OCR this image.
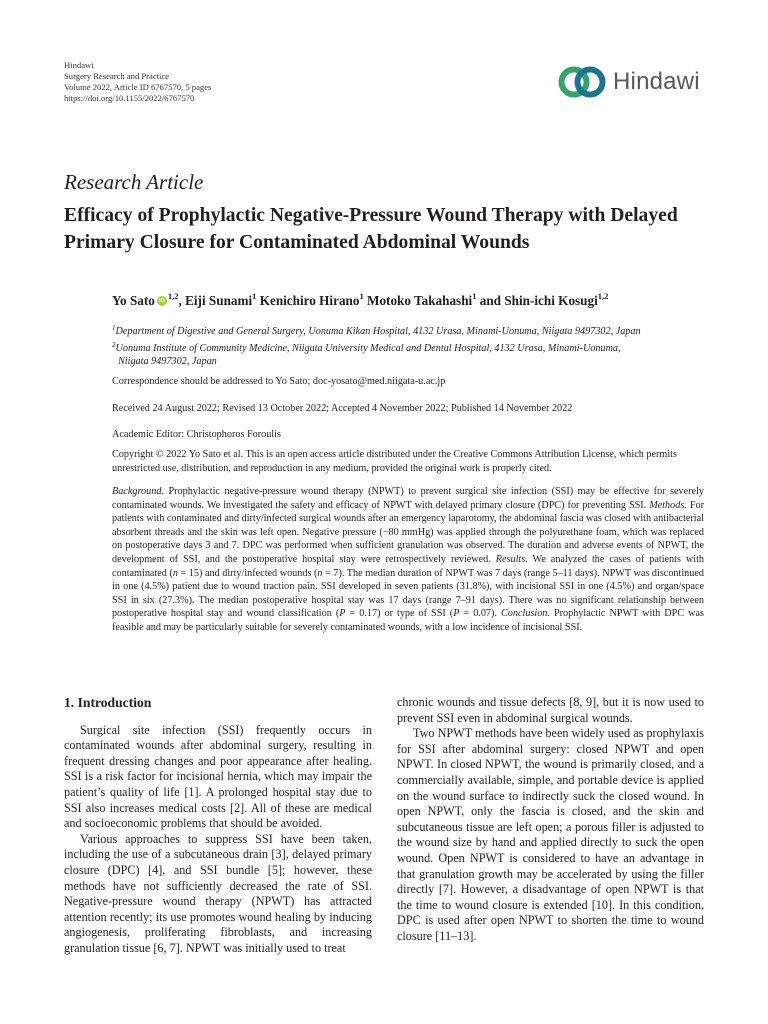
Hindawi
Surgery Research and Practice
Volume 2022, Article ID 6767570, 5 pages
https://doi.org/10.1155/2022/6767570
Hindawi
Research Article
Efficacy of Prophylactic Negative-Pressure Wound Therapy with Delayed Primary Closure for Contaminated Abdominal Wounds
Yo SatoiD $^{1,2}$, Eiji Sunami$^1$ Kenichiro Hirano$^1$ Motoko Takahashi$^1$ and Shin-ichi Kosugi$^{1,2}$

$^1$Department of Digestive and General Surgery, Uonuma Kikan Hospital, 4132 Urasa, Minami-Uonuma, Niigata 9497302, Japan

$^2$Uonuma Institute of Community Medicine, Niigata University Medical and Dental Hospital, 4132 Urasa, Minami-Uonuma,

Niigata 9497302, Japan

Correspondence should be addressed to Yo Sato; doc-yosato@med.niigata-u.ac.jp
Received 24 August 2022; Revised 13 October 2022; Accepted 4 November 2022; Published 14 November 2022
Academic Editor: Christophoros Foroulis
Copyright © 2022 Yo Sato et al. This is an open access article distributed under the Creative Commons Attribution License, which permits unrestricted use, distribution, and reproduction in any medium, provided the original work is properly cited.

Background. Prophylactic negative-pressure wound therapy (NPWT) to prevent surgical site infection (SSI) may be effective for severely contaminated wounds. We investigated the safety and efficacy of NPWT with delayed primary closure (DPC) for preventing SSI. Methods. For patients with contaminated and dirty/infected surgical wounds after an emergency laparotomy, the abdominal fascia was closed with antibacterial absorbent threads and the skin was left open. Negative pressure (−80 mmHg) was applied through the polyurethane foam, which was replaced on postoperative days 3 and 7. DPC was performed when sufficient granulation was observed. The duration and adverse events of NPWT, the development of SSI, and the postoperative hospital stay were retrospectively reviewed. Results. We analyzed the cases of patients with contaminated (n = 15) and dirty/infected wounds (n = 7). The median duration of NPWT was 7 days (range 5–11 days). NPWT was discontinued in one (4.5%) patient due to wound traction pain. SSI developed in seven patients (31.8%), with incisional SSI in one (4.5%) and organ/space SSI in six (27.3%). The median postoperative hospital stay was 17 days (range 7–91 days). There was no significant relationship between postoperative hospital stay and wound classification (P = 0.17) or type of SSI (P = 0.07). Conclusion. Prophylactic NPWT with DPC was feasible and may be particularly suitable for severely contaminated wounds, with a low incidence of incisional SSI.

1. Introduction

Surgical site infection (SSI) frequently occurs in contaminated wounds after abdominal surgery, resulting in frequent dressing changes and poor appearance after healing. SSI is a risk factor for incisional hernia, which may impair the patient’s quality of life [1]. A prolonged hospital stay due to SSI also increases medical costs [2]. All of these are medical and socioeconomic problems that should be avoided.

Various approaches to suppress SSI have been taken, including the use of a subcutaneous drain [3], delayed primary closure (DPC) [4], and SSI bundle [5]; however, these methods have not sufficiently decreased the rate of SSI. Negative-pressure wound therapy (NPWT) has attracted attention recently; its use promotes wound healing by inducing angiogenesis, proliferating fibroblasts, and increasing granulation tissue [6, 7]. NPWT was initially used to treat

chronic wounds and tissue defects [8, 9], but it is now used to prevent SSI even in abdominal surgical wounds.

Two NPWT methods have been widely used as prophylaxis for SSI after abdominal surgery: closed NPWT and open NPWT. In closed NPWT, the wound is primarily closed, and a commercially available, simple, and portable device is applied on the wound surface to indirectly suck the closed wound. In open NPWT, only the fascia is closed, and the skin and subcutaneous tissue are left open; a porous filler is adjusted to the wound size by hand and applied directly to suck the open wound. Open NPWT is considered to have an advantage in that granulation growth may be accelerated by using the filler directly [7]. However, a disadvantage of open NPWT is that the time to wound closure is extended [10]. In this condition, DPC is used after open NPWT to shorten the time to wound closure [11–13].
